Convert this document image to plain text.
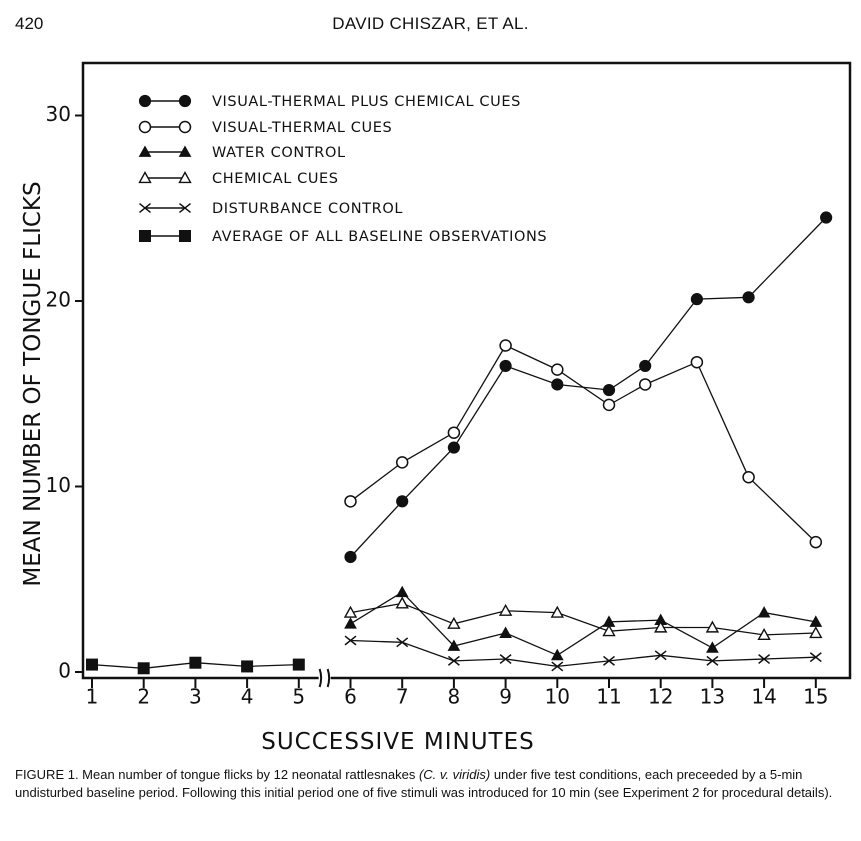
420	DAVID CHISZAR, ET AL.
1 2 3 4 5 6 7 8 9 10 11 12 13 14 15
0
10
20
30	VISUAL-THERMAL PLUS CHEMICAL CUES
VISUAL-THERMAL CUES
WATER CONTROL
CHEMICAL CUES
DISTURBANCE CONTROL
AVERAGE OF ALL BASELINE OBSERVATIONS
MEAN NUMBER OF TONGUE FLICKS
SUCCESSIVE MINUTES
FIGURE 1. Mean number of tongue flicks by 12 neonatal rattlesnakes (C. v. viridis) under five test conditions, each preceeded by a 5-min undisturbed baseline period. Following this initial period one of five stimuli was introduced for 10 min (see Experiment 2 for procedural details).
